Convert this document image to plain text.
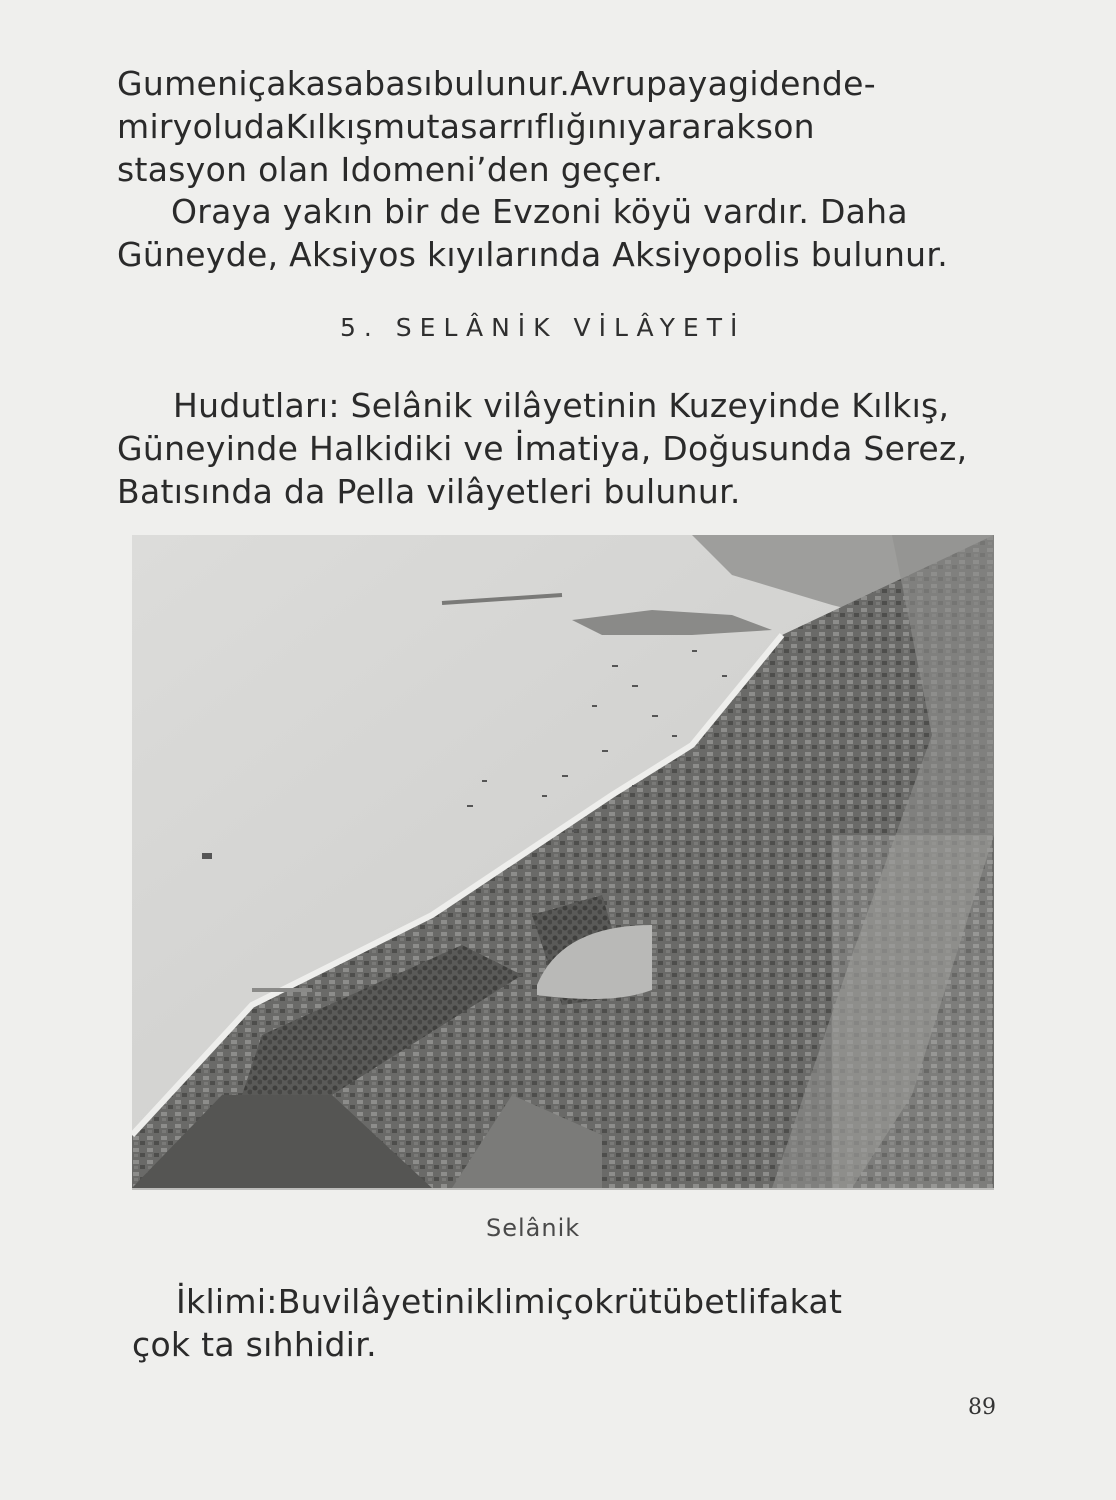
Gumeniçakasabasıbulunur.Avrupayagidende-
miryoludaKılkışmutasarrıflığınıyararakson
stasyon olan Idomeni’den geçer.
Oraya yakın bir de Evzoni köyü vardır. Daha
Güneyde, Aksiyos kıyılarında Aksiyopolis bulunur.
5. SELÂNİK VİLÂYETİ
Hudutları: Selânik vilâyetinin Kuzeyinde Kılkış,
Güneyinde Halkidiki ve İmatiya, Doğusunda Serez,
Batısında da Pella vilâyetleri bulunur.
Selânik
İklimi:Buvilâyetiniklimiçokrütübetlifakat
çok ta sıhhidir.
89
